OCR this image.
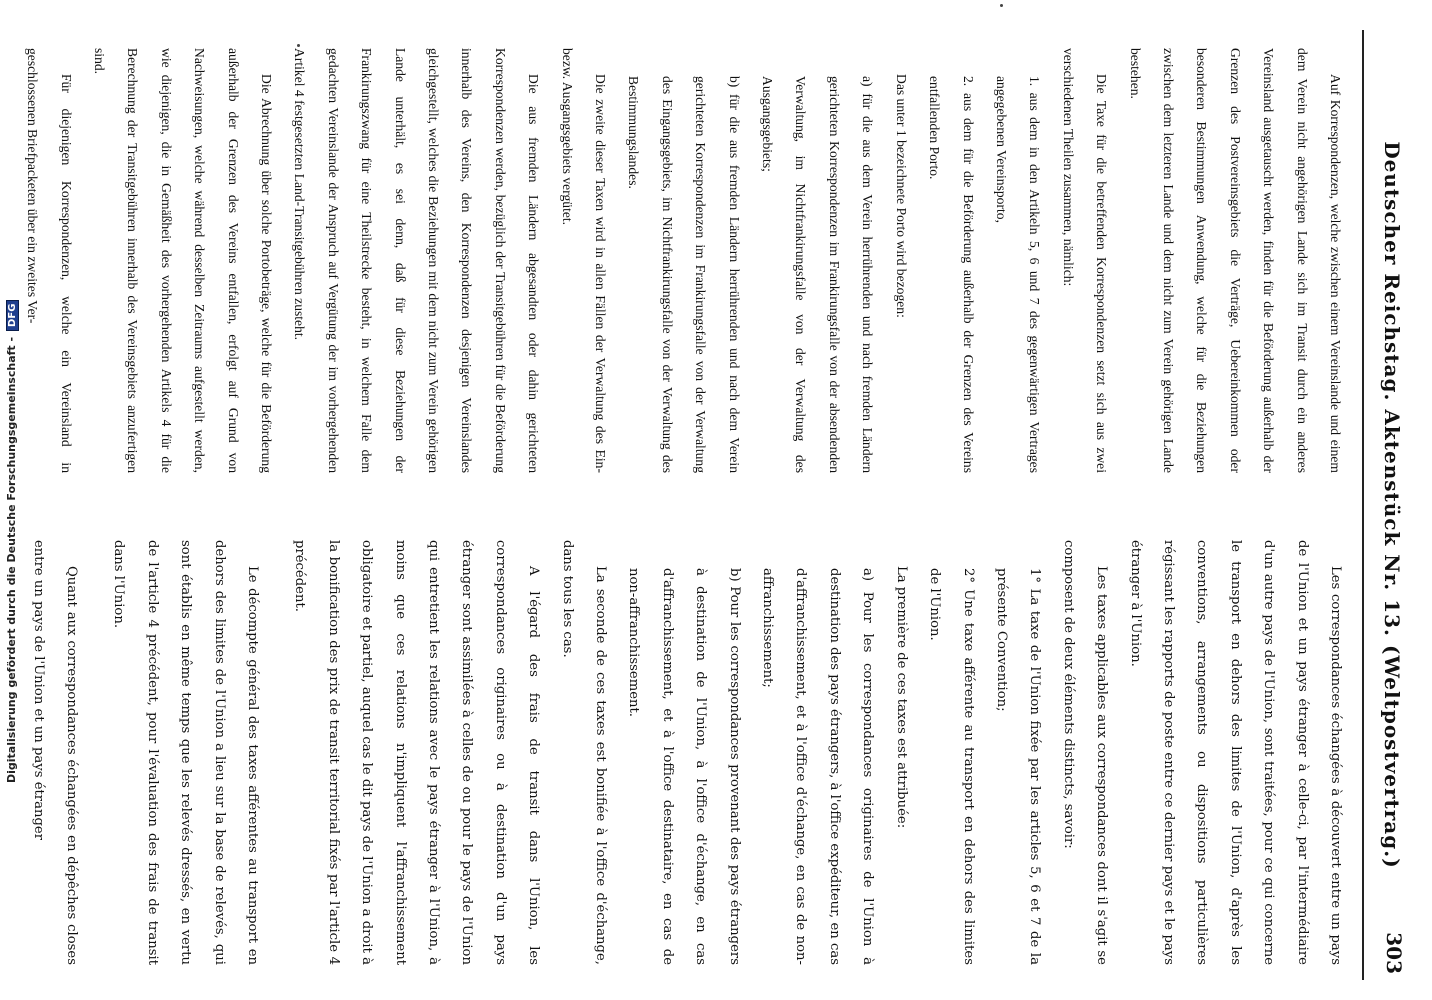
Deutscher Reichstag. Aktenstück Nr. 13. (Weltpostvertrag.)
303

Les correspondances échangées à découvert entre un pays de l'Union et un pays étranger à celle-ci, par l'intermédiaire d'un autre pays de l'Union, sont traitées, pour ce qui concerne le transport en dehors des limites de l'Union, d'après les conventions, arrangements ou dispositions particulières régissant les rapports de poste entre ce dernier pays et le pays étranger à l'Union.

Les taxes applicables aux correspondances dont il s'agit se composent de deux éléments distincts, savoir:

1° La taxe de l'Union fixée par les articles 5, 6 et 7 de la présente Convention;

2° Une taxe afférente au transport en dehors des limites de l'Union.

La première de ces taxes est attribuée:

a) Pour les correspondances originaires de l'Union à destination des pays étrangers, à l'office expéditeur, en cas d'affranchissement, et à l'office d'échange, en cas de non-affranchissement;

b) Pour les correspondances provenant des pays étrangers à destination de l'Union, à l'office d'échange, en cas d'affranchissement, et à l'office destinataire, en cas de non-affranchissement.

La seconde de ces taxes est bonifiée à l'office d'échange, dans tous les cas.

A l'égard des frais de transit dans l'Union, les correspondances originaires ou à destination d'un pays étranger sont assimilées à celles de ou pour le pays de l'Union qui entretient les relations avec le pays étranger à l'Union, à moins que ces relations n'impliquent l'affranchissement obligatoire et partiel, auquel cas le dit pays de l'Union a droit à la bonification des prix de transit territorial fixés par l'article 4 précédent.

Le décompte général des taxes afférentes au transport en dehors des limites de l'Union a lieu sur la base de relevés, qui sont établis en même temps que les relevés dressés, en vertu de l'article 4 précédent, pour l'évaluation des frais de transit dans l'Union.

Quant aux correspondances échangées en dépêches closes entre un pays de l'Union et un pays étranger

Auf Korrespondenzen, welche zwischen einem Vereinslande und einem dem Verein nicht angehörigen Lande sich im Transit durch ein anderes Vereinsland ausgetauscht werden, finden für die Beförderung außerhalb der Grenzen des Postvereinsgebiets die Verträge, Uebereinkommen oder besonderen Bestimmungen Anwendung, welche für die Beziehungen zwischen dem letzteren Lande und dem nicht zum Verein gehörigen Lande bestehen.

Die Taxe für die betreffenden Korrespondenzen setzt sich aus zwei verschiedenen Theilen zusammen, nämlich:

1. aus dem in den Artikeln 5, 6 und 7 des gegenwärtigen Vertrages angegebenen Vereinsporto,

2. aus dem für die Beförderung außerhalb der Grenzen des Vereins entfallenden Porto.

Das unter 1 bezeichnete Porto wird bezogen:

a) für die aus dem Verein herrührenden und nach fremden Ländern gerichteten Korrespondenzen im Frankirungsfalle von der absendenden Verwaltung, im Nichtfrankirungsfalle von der Verwaltung des Ausgangsgebiets;

b) für die aus fremden Ländern herrührenden und nach dem Verein gerichteten Korrespondenzen im Frankirungsfalle von der Verwaltung des Eingangsgebiets, im Nichtfrankirungsfalle von der Verwaltung des Bestimmungslandes.

Die zweite dieser Taxen wird in allen Fällen der Verwaltung des Ein- bezw. Ausgangsgebiets vergütet.

Die aus fremden Ländern abgesandten oder dahin gerichteten Korrespondenzen werden, bezüglich der Transitgebühren für die Beförderung innerhalb des Vereins, den Korrespondenzen desjenigen Vereinslandes gleichgestellt, welches die Beziehungen mit dem nicht zum Verein gehörigen Lande unterhält, es sei denn, daß für diese Beziehungen der Frankirungszwang für eine Theilstrecke besteht, in welchem Falle dem gedachten Vereinslande der Anspruch auf Vergütung der im vorhergehenden Artikel 4 festgesetzten Land-Transitgebühren zusteht.

Die Abrechnung über solche Portobeträge, welche für die Beförderung außerhalb der Grenzen des Vereins entfallen, erfolgt auf Grund von Nachweisungen, welche während desselben Zeitraums aufgestellt werden, wie diejenigen, die in Gemäßheit des vorhergehenden Artikels 4 für die Berechnung der Transitgebühren innerhalb des Vereinsgebiets anzufertigen sind.

Für diejenigen Korrespondenzen, welche ein Vereinsland in geschlossenen Briefpacketen über ein zweites Ver-

Digitalisierung gefördert durch die Deutsche Forschungsgemeinschaft -DFG
